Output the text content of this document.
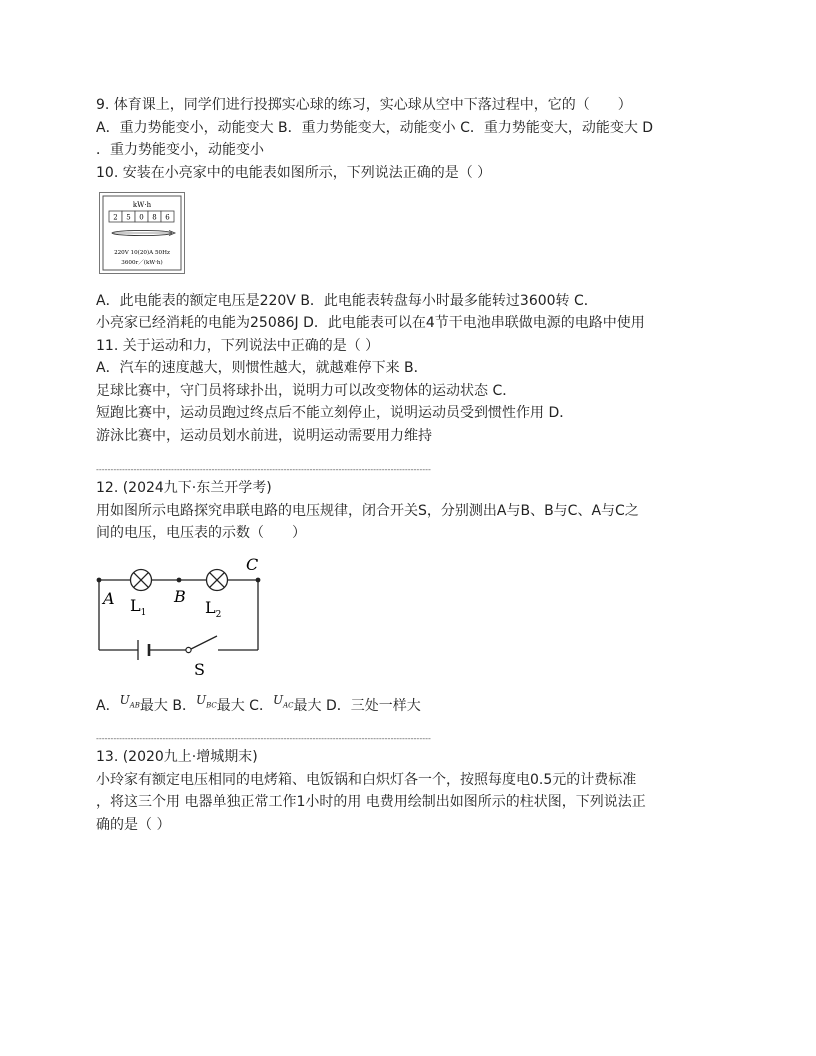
9. 体育课上，同学们进行投掷实心球的练习，实心球从空中下落过程中，它的（　　）
A．重力势能变小，动能变大 B．重力势能变大，动能变小 C．重力势能变大，动能变大 D
．重力势能变小，动能变小
10. 安装在小亮家中的电能表如图所示，下列说法正确的是（ ）
kW·h
2 5 0 8 6
220V 10(20)A 50Hz
3600r／(kW·h)
A．此电能表的额定电压是220V B．此电能表转盘每小时最多能转过3600转 C．
小亮家已经消耗的电能为25086J D．此电能表可以在4节干电池串联做电源的电路中使用
11. 关于运动和力，下列说法中正确的是（ ）
A．汽车的速度越大，则惯性越大，就越难停下来 B．
足球比赛中，守门员将球扑出，说明力可以改变物体的运动状态 C．
短跑比赛中，运动员跑过终点后不能立刻停止，说明运动员受到惯性作用 D．
游泳比赛中，运动员划水前进，说明运动需要用力维持
--------------------------------------------------------------------------------------------------------------------
12. (2024九下·东兰开学考)
用如图所示电路探究串联电路的电压规律，闭合开关S，分别测出A与B、B与C、A与C之
间的电压，电压表的示数（　　）
A	B
C
$L_1$	$L_2$
S
A．$U_{AB}$最大 B．$U_{BC}$最大 C．$U_{AC}$最大 D．三处一样大
--------------------------------------------------------------------------------------------------------------------
13. (2020九上·增城期末)
小玲家有额定电压相同的电烤箱、电饭锅和白炽灯各一个，按照每度电0.5元的计费标准
，将这三个用 电器单独正常工作1小时的用 电费用绘制出如图所示的柱状图，下列说法正
确的是（ ）
